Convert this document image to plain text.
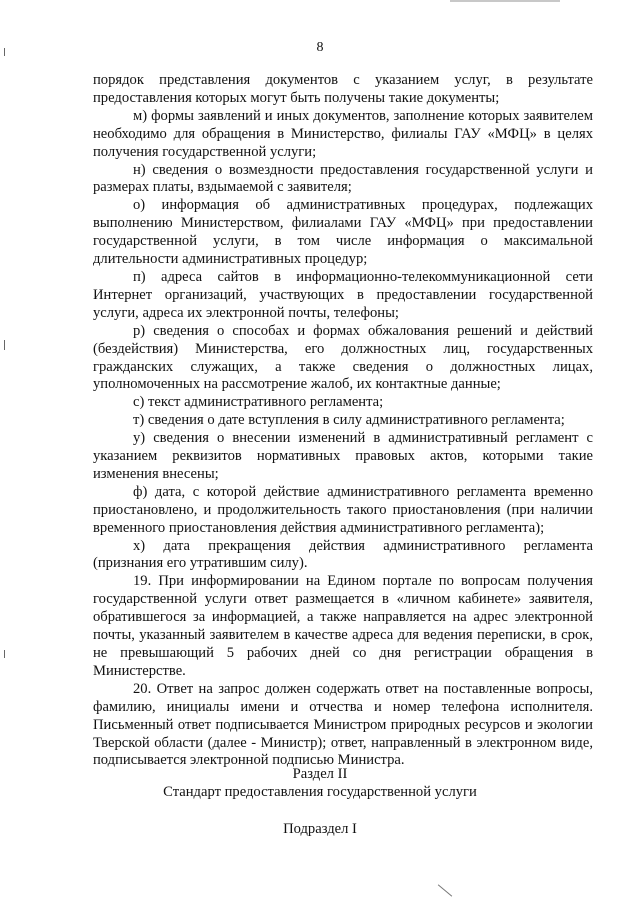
8

порядок представления документов с указанием услуг, в результате предоставления которых могут быть получены такие документы;

м) формы заявлений и иных документов, заполнение которых заявителем необходимо для обращения в Министерство, филиалы ГАУ «МФЦ» в целях получения государственной услуги;

н) сведения о возмездности предоставления государственной услуги и размерах платы, вздымаемой с заявителя;

о) информация об административных процедурах, подлежащих выполнению Министерством, филиалами ГАУ «МФЦ» при предоставлении государственной услуги, в том числе информация о максимальной длительности административных процедур;

п) адреса сайтов в информационно-телекоммуникационной сети Интернет организаций, участвующих в предоставлении государственной услуги, адреса их электронной почты, телефоны;

р) сведения о способах и формах обжалования решений и действий (бездействия) Министерства, его должностных лиц, государственных гражданских служащих, а также сведения о должностных лицах, уполномоченных на рассмотрение жалоб, их контактные данные;

с) текст административного регламента;

т) сведения о дате вступления в силу административного регламента;

у) сведения о внесении изменений в административный регламент с указанием реквизитов нормативных правовых актов, которыми такие изменения внесены;

ф) дата, с которой действие административного регламента временно приостановлено, и продолжительность такого приостановления (при наличии временного приостановления действия административного регламента);

х) дата прекращения действия административного регламента (признания его утратившим силу).

19. При информировании на Едином портале по вопросам получения государственной услуги ответ размещается в «личном кабинете» заявителя, обратившегося за информацией, а также направляется на адрес электронной почты, указанный заявителем в качестве адреса для ведения переписки, в срок, не превышающий 5 рабочих дней со дня регистрации обращения в Министерстве.

20. Ответ на запрос должен содержать ответ на поставленные вопросы, фамилию, инициалы имени и отчества и номер телефона исполнителя. Письменный ответ подписывается Министром природных ресурсов и экологии Тверской области (далее - Министр); ответ, направленный в электронном виде, подписывается электронной подписью Министра.

Раздел II
Стандарт предоставления государственной услуги
Подраздел I
